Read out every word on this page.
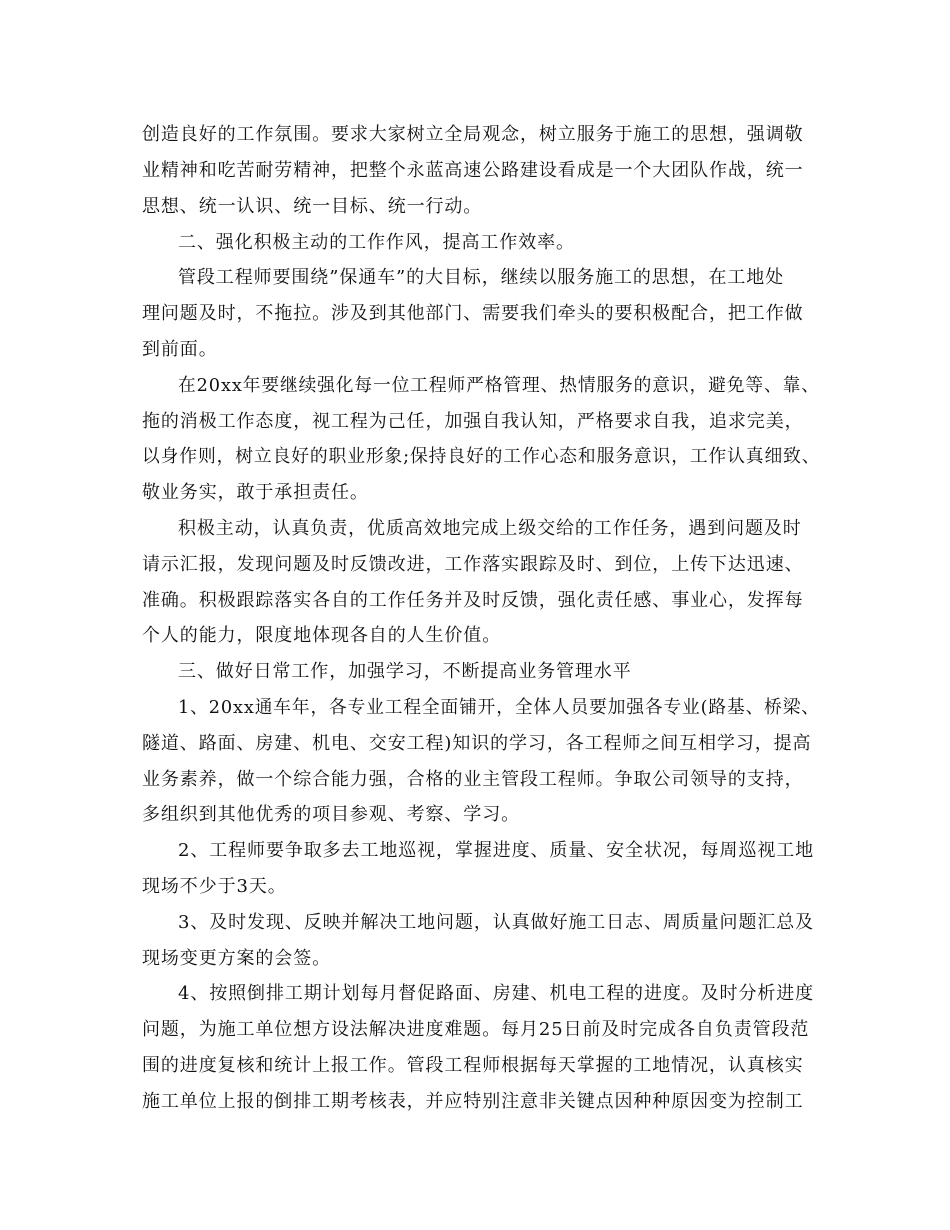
创造良好的工作氛围。要求大家树立全局观念，树立服务于施工的思想，强调敬
业精神和吃苦耐劳精神，把整个永蓝高速公路建设看成是一个大团队作战，统一
思想、统一认识、统一目标、统一行动。
二、强化积极主动的工作作风，提高工作效率。
管段工程师要围绕”保通车”的大目标，继续以服务施工的思想，在工地处
理问题及时，不拖拉。涉及到其他部门、需要我们牵头的要积极配合，把工作做
到前面。
在20xx年要继续强化每一位工程师严格管理、热情服务的意识，避免等、靠、
拖的消极工作态度，视工程为己任，加强自我认知，严格要求自我，追求完美，
以身作则，树立良好的职业形象;保持良好的工作心态和服务意识，工作认真细致、
敬业务实，敢于承担责任。
积极主动，认真负责，优质高效地完成上级交给的工作任务，遇到问题及时
请示汇报，发现问题及时反馈改进，工作落实跟踪及时、到位，上传下达迅速、
准确。积极跟踪落实各自的工作任务并及时反馈，强化责任感、事业心，发挥每
个人的能力，限度地体现各自的人生价值。
三、做好日常工作，加强学习，不断提高业务管理水平
1、20xx通车年，各专业工程全面铺开，全体人员要加强各专业(路基、桥梁、
隧道、路面、房建、机电、交安工程)知识的学习，各工程师之间互相学习，提高
业务素养，做一个综合能力强，合格的业主管段工程师。争取公司领导的支持，
多组织到其他优秀的项目参观、考察、学习。
2、工程师要争取多去工地巡视，掌握进度、质量、安全状况，每周巡视工地
现场不少于3天。
3、及时发现、反映并解决工地问题，认真做好施工日志、周质量问题汇总及
现场变更方案的会签。
4、按照倒排工期计划每月督促路面、房建、机电工程的进度。及时分析进度
问题，为施工单位想方设法解决进度难题。每月25日前及时完成各自负责管段范
围的进度复核和统计上报工作。管段工程师根据每天掌握的工地情况，认真核实
施工单位上报的倒排工期考核表，并应特别注意非关键点因种种原因变为控制工
